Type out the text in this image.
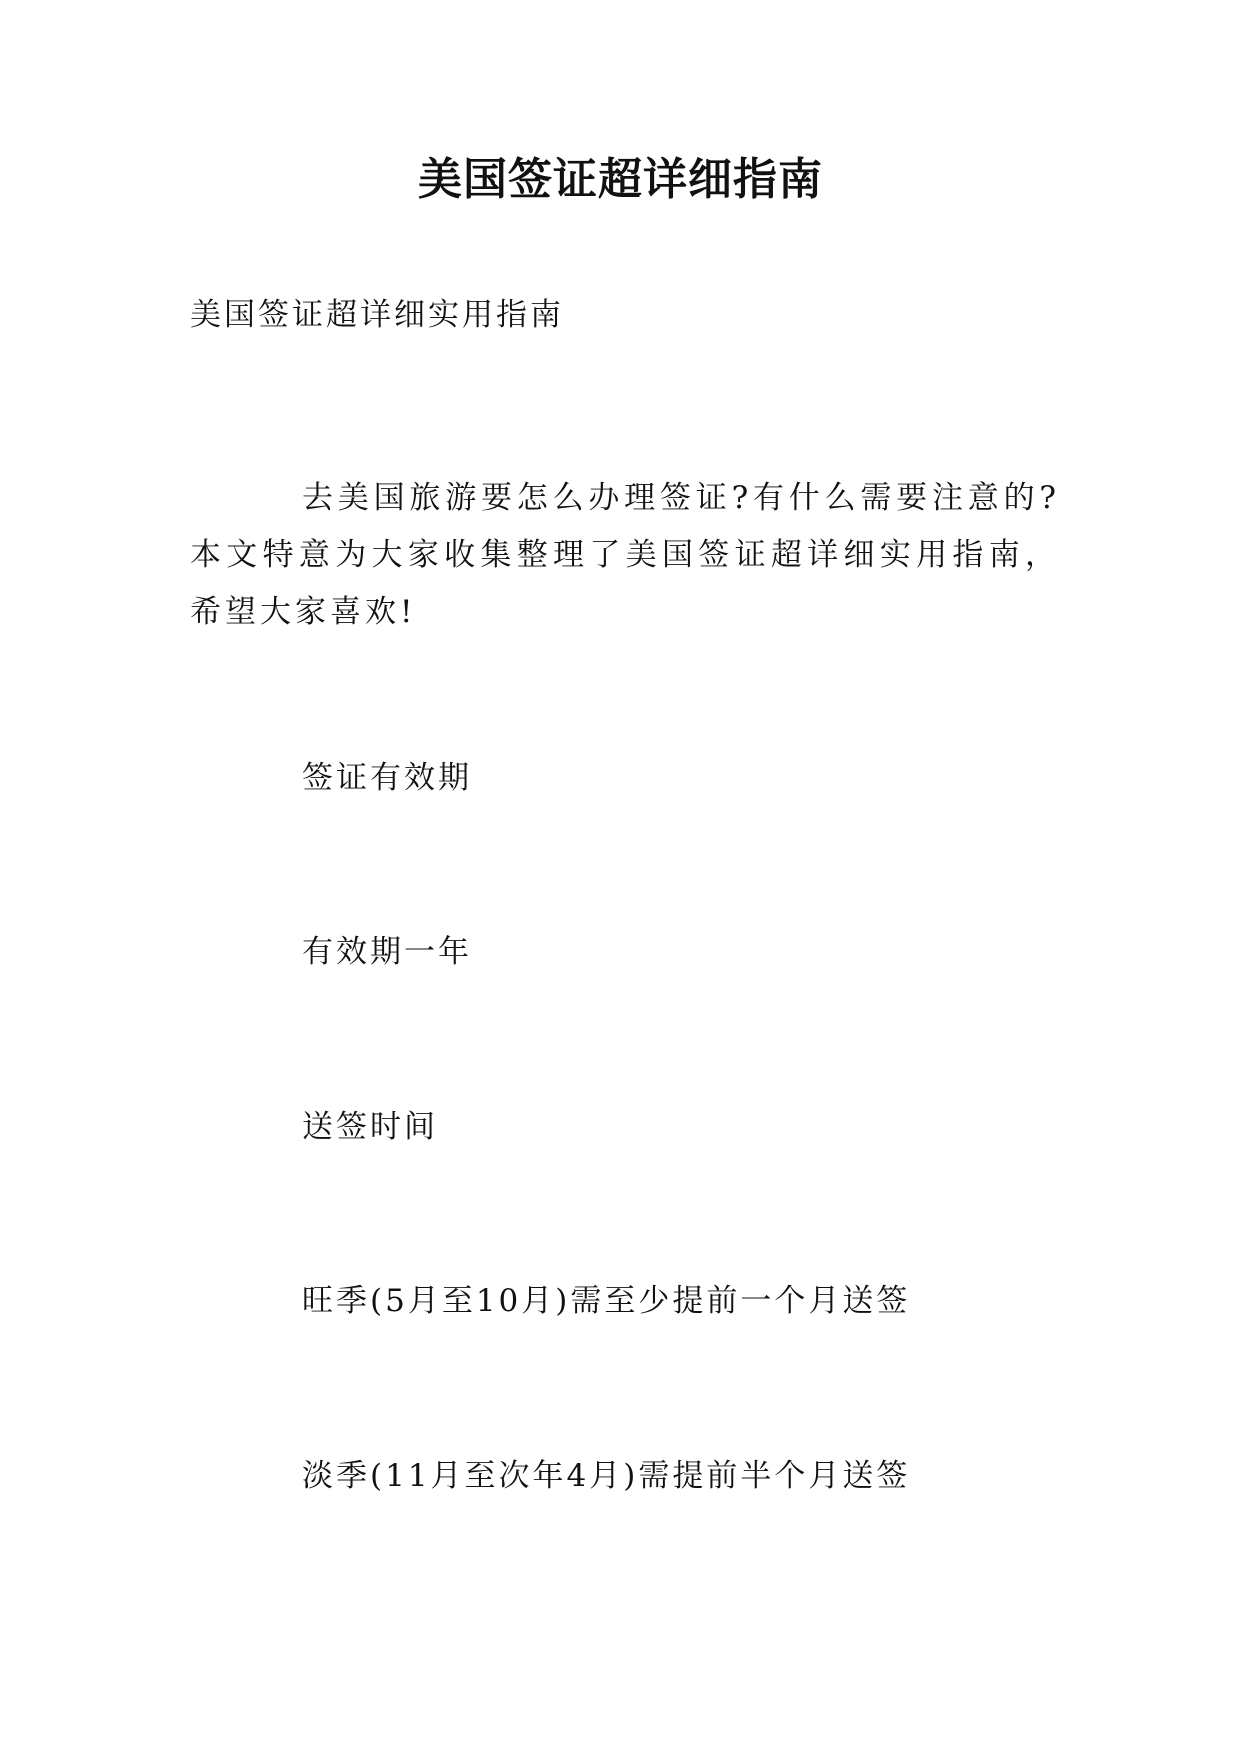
美国签证超详细指南
美国签证超详细实用指南
去美国旅游要怎么办理签证?有什么需要注意的?本文特意为大家收集整理了美国签证超详细实用指南，希望大家喜欢!
签证有效期
有效期一年
送签时间
旺季(5月至10月)需至少提前一个月送签
淡季(11月至次年4月)需提前半个月送签
